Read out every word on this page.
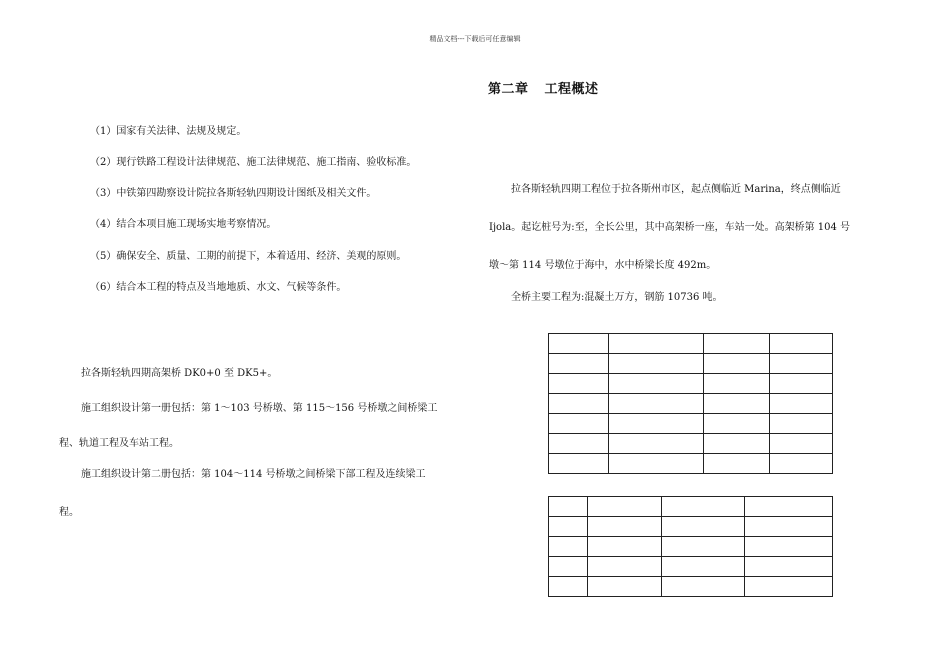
精品文档---下载后可任意编辑
第二章 工程概述
（1）国家有关法律、法规及规定。
（2）现行铁路工程设计法律规范、施工法律规范、施工指南、验收标准。
（3）中铁第四勘察设计院拉各斯轻轨四期设计图纸及相关文件。
（4）结合本项目施工现场实地考察情况。
（5）确保安全、质量、工期的前提下，本着适用、经济、美观的原则。
（6）结合本工程的特点及当地地质、水文、气候等条件。
拉各斯轻轨四期高架桥 DK0+0 至 DK5+。
施工组织设计第一册包括：第 1～103 号桥墩、第 115～156 号桥墩之间桥梁工
程、轨道工程及车站工程。
施工组织设计第二册包括：第 104～114 号桥墩之间桥梁下部工程及连续梁工
程。
拉各斯轻轨四期工程位于拉各斯州市区，起点侧临近 Marina，终点侧临近
Ijola。起讫桩号为:至，全长公里，其中高架桥一座，车站一处。高架桥第 104 号
墩～第 114 号墩位于海中，水中桥梁长度 492m。
全桥主要工程为:混凝土万方，钢筋 10736 吨。
